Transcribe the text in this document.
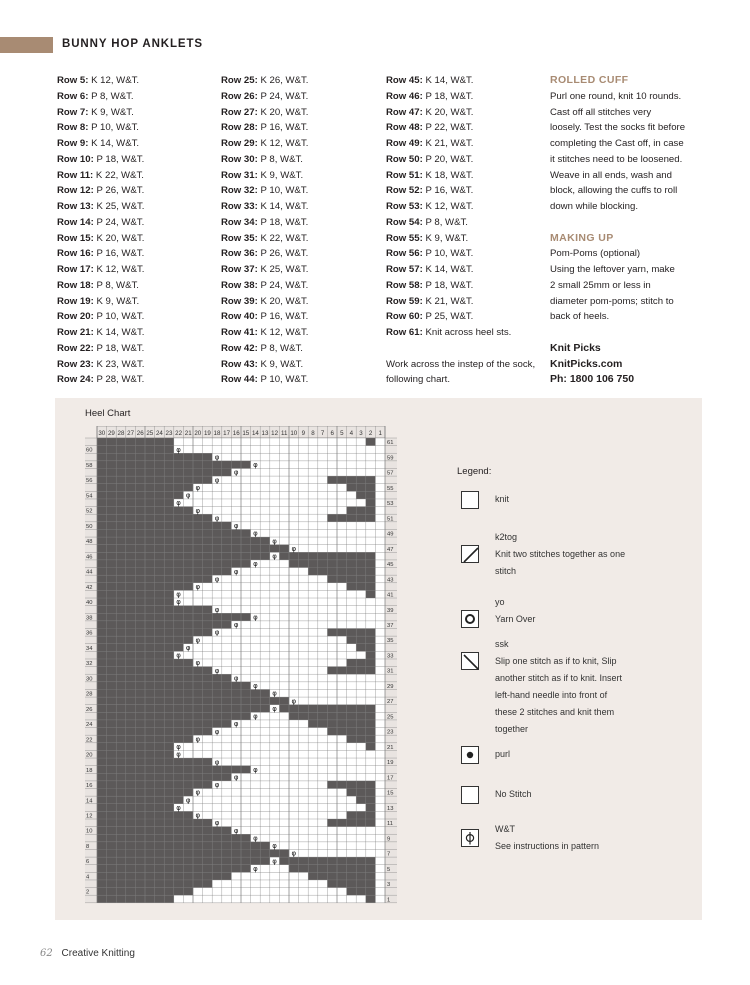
BUNNY HOP ANKLETS
Row 5: K 12, W&T.
Row 6: P 8, W&T.
Row 7: K 9, W&T.
Row 8: P 10, W&T.
Row 9: K 14, W&T.
Row 10: P 18, W&T.
Row 11: K 22, W&T.
Row 12: P 26, W&T.
Row 13: K 25, W&T.
Row 14: P 24, W&T.
Row 15: K 20, W&T.
Row 16: P 16, W&T.
Row 17: K 12, W&T.
Row 18: P 8, W&T.
Row 19: K 9, W&T.
Row 20: P 10, W&T.
Row 21: K 14, W&T.
Row 22: P 18, W&T.
Row 23: K 23, W&T.
Row 24: P 28, W&T.
Row 25: K 26, W&T.
Row 26: P 24, W&T.
Row 27: K 20, W&T.
Row 28: P 16, W&T.
Row 29: K 12, W&T.
Row 30: P 8, W&T.
Row 31: K 9, W&T.
Row 32: P 10, W&T.
Row 33: K 14, W&T.
Row 34: P 18, W&T.
Row 35: K 22, W&T.
Row 36: P 26, W&T.
Row 37: K 25, W&T.
Row 38: P 24, W&T.
Row 39: K 20, W&T.
Row 40: P 16, W&T.
Row 41: K 12, W&T.
Row 42: P 8, W&T.
Row 43: K 9, W&T.
Row 44: P 10, W&T.
Row 45: K 14, W&T.
Row 46: P 18, W&T.
Row 47: K 20, W&T.
Row 48: P 22, W&T.
Row 49: K 21, W&T.
Row 50: P 20, W&T.
Row 51: K 18, W&T.
Row 52: P 16, W&T.
Row 53: K 12, W&T.
Row 54: P 8, W&T.
Row 55: K 9, W&T.
Row 56: P 10, W&T.
Row 57: K 14, W&T.
Row 58: P 18, W&T.
Row 59: K 21, W&T.
Row 60: P 25, W&T.
Row 61: Knit across heel sts.
Work across the instep of the sock, following chart.
ROLLED CUFF

Purl one round, knit 10 rounds.

Cast off all stitches very

loosely. Test the socks fit before

completing the Cast off, in case

it stitches need to be loosened.

Weave in all ends, wash and

block, allowing the cuffs to roll

down while blocking.

MAKING UP

Pom-Poms (optional)

Using the leftover yarn, make

2 small 25mm or less in

diameter pom-poms; stitch to

back of heels.

Knit Picks

KnitPicks.com

Ph: 1800 106 750

Heel Chart
30 29 28 27 26 25 24 23 22 21 20 19 18 17 16 15 14 13 12 11 10 9 8 7 6 5 4 3 2 1
61
59
57
55
53
51
49
47
45
43
41
39
37
35
33
31
29
27
25
23
21
19
17
15
13
11
9
7
5
3
1
60
58
56
54
52
50
48
46
44
42
40
38
36
34
32
30
28
26
24
22
20
18
16
14
12
10
8
6
4
2
φ
φ
φ
φ
φ
φ
φ
φ
φ
φ
φ
φ
φ
φ
φ
φ
φ
φ
φ
φ
φ
φ
φ
φ
φ
φ
φ
φ
φ
φ
φ
φ
φ
φ
φ
φ
φ
φ
φ
φ
φ
φ
φ
φ
φ
φ
φ
φ
φ
φ
φ
φ
φ
φ
φ
φ
Legend:
knit
k2tog
Knit two stitches together as one
stitch
yo
Yarn Over
ssk
Slip one stitch as if to knit, Slip
another stitch as if to knit. Insert
left-hand needle into front of
these 2 stitches and knit them
together
purl
No Stitch
W&T
See instructions in pattern
62 Creative Knitting
